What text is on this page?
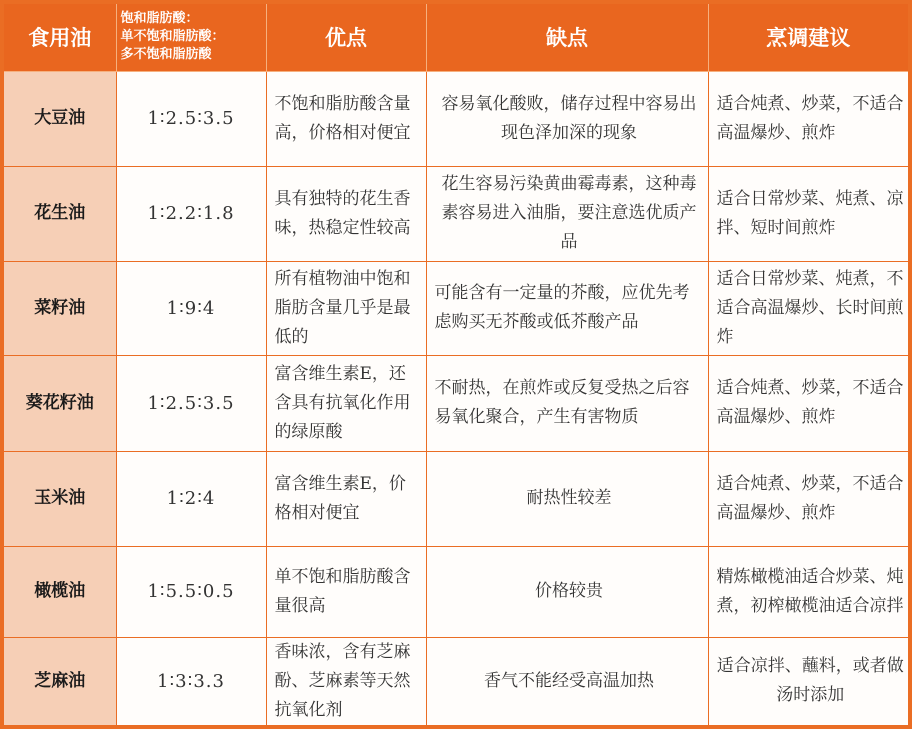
食用油	饱和脂肪酸：
单不饱和脂肪酸：
多不饱和脂肪酸	优点	缺点	烹调建议
大豆油	1∶2.5∶3.5	不饱和脂肪酸含量高，价格相对便宜	容易氧化酸败，储存过程中容易出现色泽加深的现象	适合炖煮、炒菜，不适合高温爆炒、煎炸
花生油	1∶2.2∶1.8	具有独特的花生香味，热稳定性较高	花生容易污染黄曲霉毒素，这种毒素容易进入油脂，要注意选优质产品	适合日常炒菜、炖煮、凉拌、短时间煎炸
菜籽油	1∶9∶4	所有植物油中饱和脂肪含量几乎是最低的	可能含有一定量的芥酸，应优先考虑购买无芥酸或低芥酸产品	适合日常炒菜、炖煮，不适合高温爆炒、长时间煎炸
葵花籽油	1∶2.5∶3.5	富含维生素E，还含具有抗氧化作用的绿原酸	不耐热，在煎炸或反复受热之后容易氧化聚合，产生有害物质	适合炖煮、炒菜，不适合高温爆炒、煎炸
玉米油	1∶2∶4	富含维生素E，价格相对便宜	耐热性较差	适合炖煮、炒菜，不适合高温爆炒、煎炸
橄榄油	1∶5.5∶0.5	单不饱和脂肪酸含量很高	价格较贵	精炼橄榄油适合炒菜、炖煮，初榨橄榄油适合凉拌
芝麻油	1∶3∶3.3	香味浓，含有芝麻酚、芝麻素等天然抗氧化剂	香气不能经受高温加热	适合凉拌、蘸料，或者做汤时添加
